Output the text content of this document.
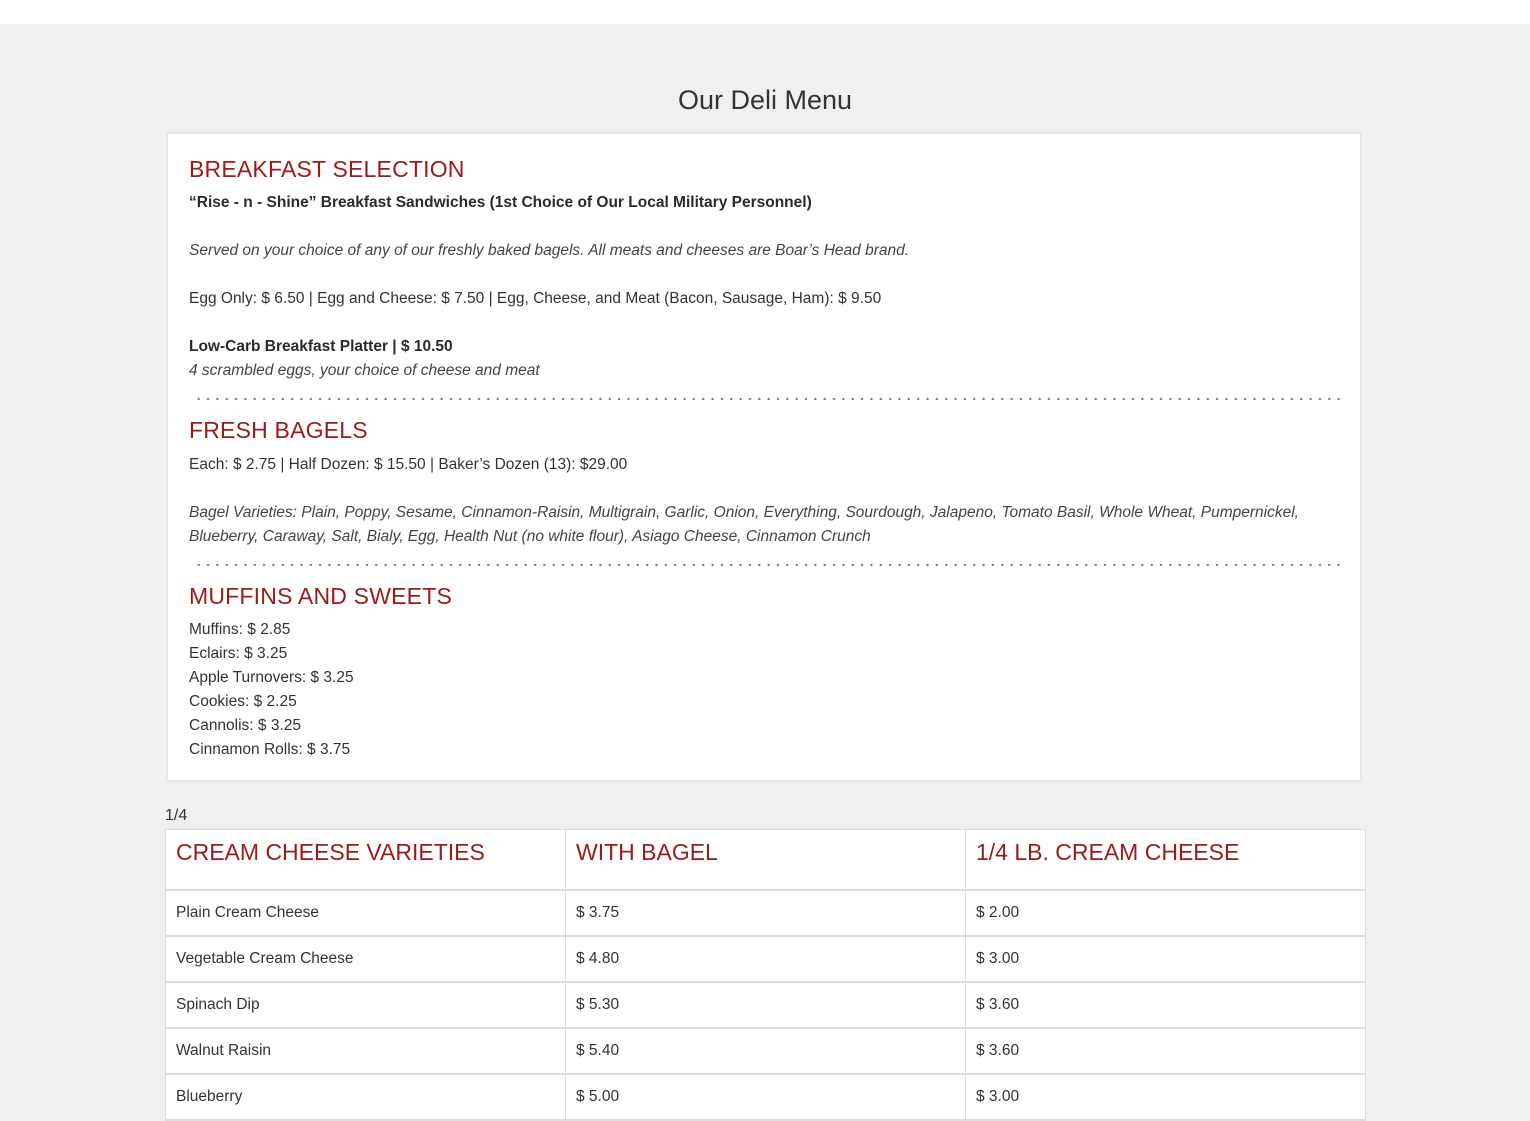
Our Deli Menu
BREAKFAST SELECTION
“Rise - n - Shine” Breakfast Sandwiches (1st Choice of Our Local Military Personnel)
Served on your choice of any of our freshly baked bagels. All meats and cheeses are Boar’s Head brand.
Egg Only: $ 6.50 | Egg and Cheese: $ 7.50 | Egg, Cheese, and Meat (Bacon, Sausage, Ham): $ 9.50
Low-Carb Breakfast Platter | $ 10.50
4 scrambled eggs, your choice of cheese and meat
FRESH BAGELS
Each: $ 2.75 | Half Dozen: $ 15.50 | Baker’s Dozen (13): $29.00
Bagel Varieties: Plain, Poppy, Sesame, Cinnamon-Raisin, Multigrain, Garlic, Onion, Everything, Sourdough, Jalapeno, Tomato Basil, Whole Wheat, Pumpernickel, Blueberry, Caraway, Salt, Bialy, Egg, Health Nut (no white flour), Asiago Cheese, Cinnamon Crunch
MUFFINS AND SWEETS
Muffins: $ 2.85
Eclairs: $ 3.25
Apple Turnovers: $ 3.25
Cookies: $ 2.25
Cannolis: $ 3.25
Cinnamon Rolls: $ 3.75
1/4
CREAM CHEESE VARIETIES	WITH BAGEL	1/4 LB. CREAM CHEESE
Plain Cream Cheese	$ 3.75	$ 2.00
Vegetable Cream Cheese	$ 4.80	$ 3.00
Spinach Dip	$ 5.30	$ 3.60
Walnut Raisin	$ 5.40	$ 3.60
Blueberry	$ 5.00	$ 3.00
